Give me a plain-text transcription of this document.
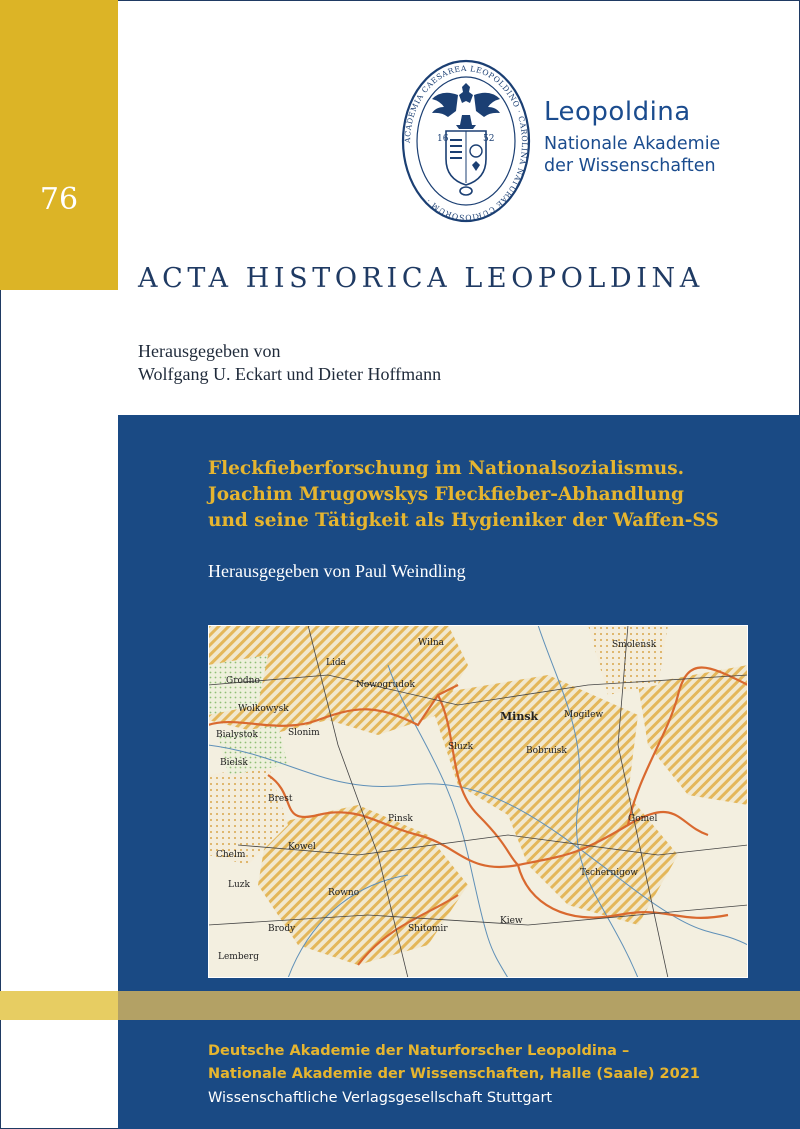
76
ACADEMIA CAESAREA LEOPOLDINO · CAROLINA NATURAE CURIOSORUM ·
16	52
Leopoldina
Nationale Akademie
der Wissenschaften
ACTA HISTORICA LEOPOLDINA
Herausgegeben von
Wolfgang U. Eckart und Dieter Hoffmann
Fleckfieberforschung im Nationalsozialismus.
Joachim Mrugowskys Fleckfieber-Abhandlung
und seine Tätigkeit als Hygieniker der Waffen-SS
Herausgegeben von Paul Weindling
Wilna
Minsk
Grodno	Nowogrudok
Lida
Wolkowysk
Slonim
Bialystok
Bielsk
Pinsk
Luzk
Rowno
Kowel
Chelm
Lemberg
Brody	Shitomir
Kiew
Tschernigow
Gomel
Mogilew
Smolensk
Sluzk	Bobruisk
Brest
Deutsche Akademie der Naturforscher Leopoldina –
Nationale Akademie der Wissenschaften, Halle (Saale) 2021
Wissenschaftliche Verlagsgesellschaft Stuttgart
